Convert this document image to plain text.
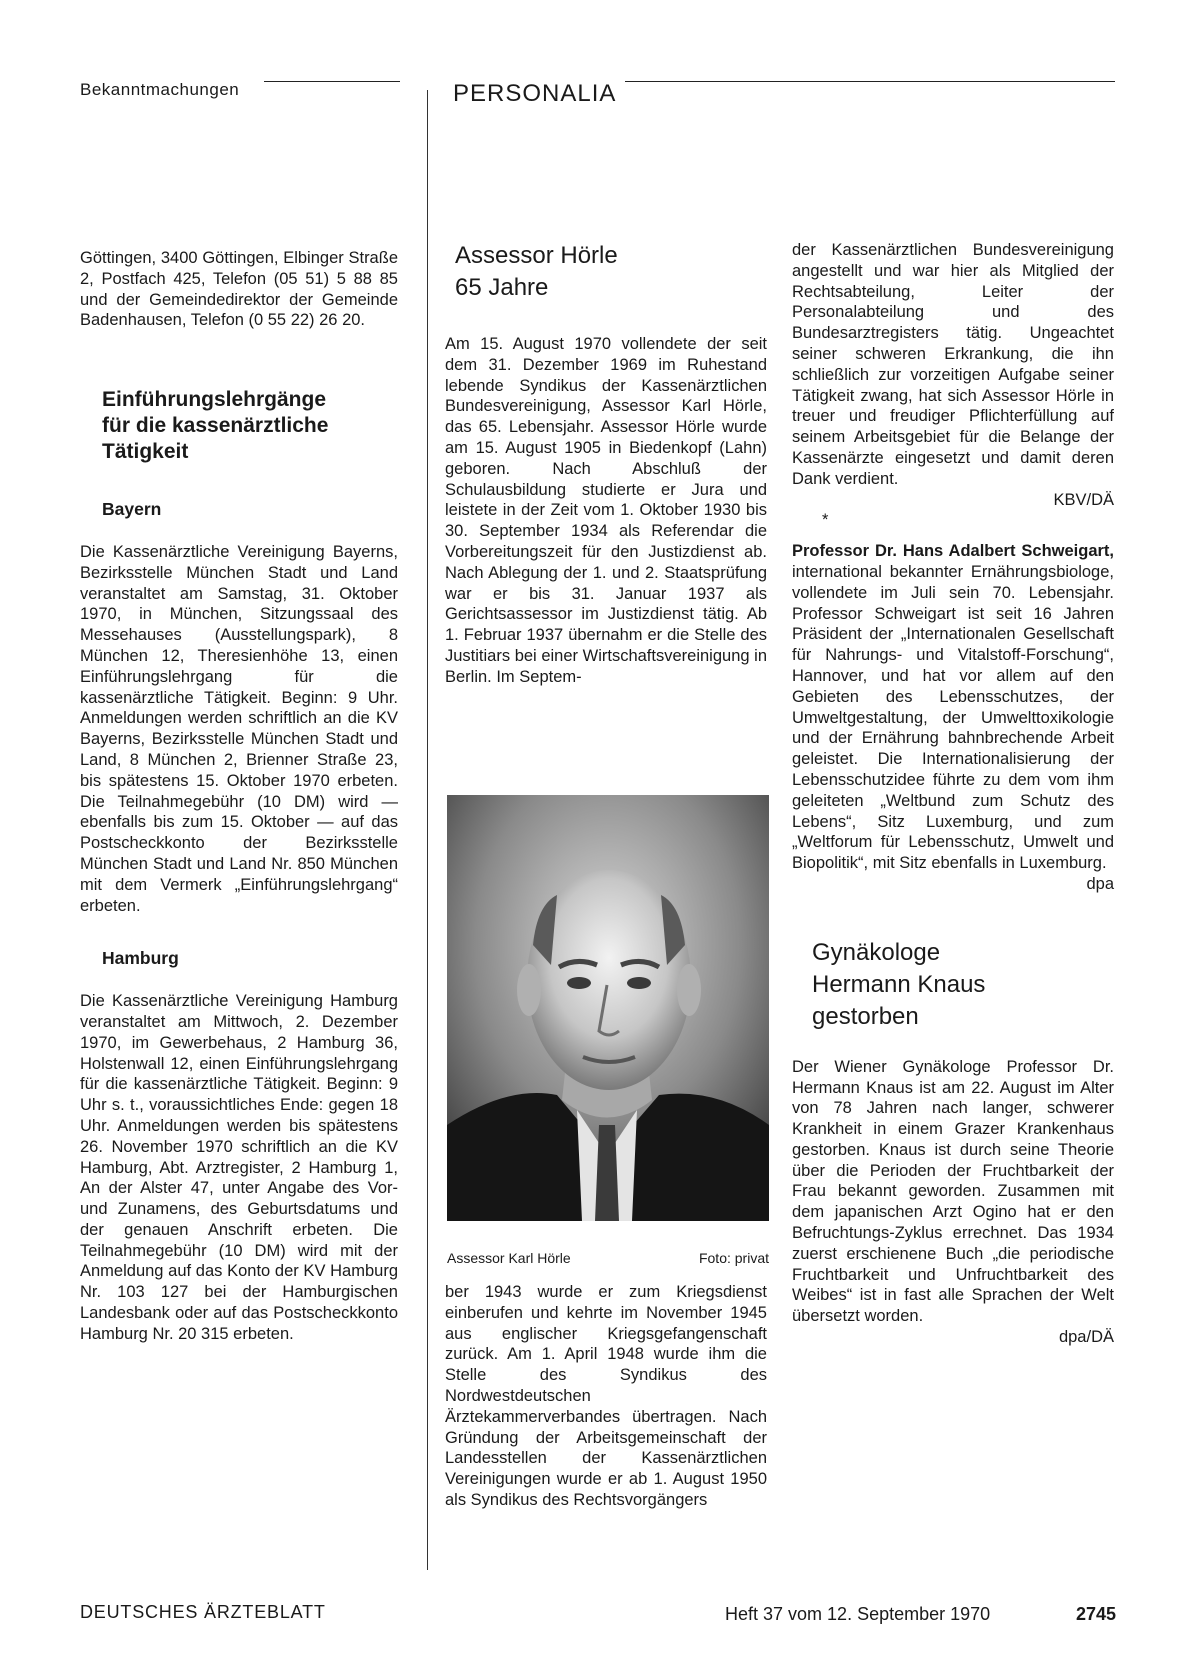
Bekanntmachungen	PERSONALIA

Göttingen, 3400 Göttingen, Elbinger Straße 2, Postfach 425, Telefon (05 51) 5 88 85 und der Gemeindedirektor der Gemeinde Badenhausen, Telefon (0 55 22) 26 20.

Einführungslehrgänge

für die kassenärztliche

Tätigkeit

Bayern

Die Kassenärztliche Vereinigung Bayerns, Bezirksstelle München Stadt und Land veranstaltet am Samstag, 31. Oktober 1970, in München, Sitzungssaal des Messehauses (Ausstellungspark), 8 München 12, Theresienhöhe 13, einen Einführungslehrgang für die kassenärztliche Tätigkeit. Beginn: 9 Uhr. Anmeldungen werden schriftlich an die KV Bayerns, Bezirksstelle München Stadt und Land, 8 München 2, Brienner Straße 23, bis spätestens 15. Oktober 1970 erbeten. Die Teilnahmegebühr (10 DM) wird — ebenfalls bis zum 15. Oktober — auf das Postscheckkonto der Bezirksstelle München Stadt und Land Nr. 850 München mit dem Vermerk „Einführungslehrgang“ erbeten.

Hamburg

Die Kassenärztliche Vereinigung Hamburg veranstaltet am Mittwoch, 2. Dezember 1970, im Gewerbehaus, 2 Hamburg 36, Holstenwall 12, einen Einführungslehrgang für die kassenärztliche Tätigkeit. Beginn: 9 Uhr s. t., voraussichtliches Ende: gegen 18 Uhr. Anmeldungen werden bis spätestens 26. November 1970 schriftlich an die KV Hamburg, Abt. Arztregister, 2 Hamburg 1, An der Alster 47, unter Angabe des Vor- und Zunamens, des Geburtsdatums und der genauen Anschrift erbeten. Die Teilnahmegebühr (10 DM) wird mit der Anmeldung auf das Konto der KV Hamburg Nr. 103 127 bei der Hamburgischen Landesbank oder auf das Postscheckkonto Hamburg Nr. 20 315 erbeten.

Assessor Hörle

65 Jahre

Am 15. August 1970 vollendete der seit dem 31. Dezember 1969 im Ruhestand lebende Syndikus der Kassenärztlichen Bundesvereinigung, Assessor Karl Hörle, das 65. Lebensjahr. Assessor Hörle wurde am 15. August 1905 in Biedenkopf (Lahn) geboren. Nach Abschluß der Schulausbildung studierte er Jura und leistete in der Zeit vom 1. Oktober 1930 bis 30. September 1934 als Referendar die Vorbereitungszeit für den Justizdienst ab. Nach Ablegung der 1. und 2. Staatsprüfung war er bis 31. Januar 1937 als Gerichtsassessor im Justizdienst tätig. Ab 1. Februar 1937 übernahm er die Stelle des Justitiars bei einer Wirtschaftsvereinigung in Berlin. Im Septem-

Assessor Karl Hörle	Foto: privat

ber 1943 wurde er zum Kriegsdienst einberufen und kehrte im November 1945 aus englischer Kriegsgefangenschaft zurück. Am 1. April 1948 wurde ihm die Stelle des Syndikus des Nordwestdeutschen Ärztekammerverbandes übertragen. Nach Gründung der Arbeitsgemeinschaft der Landesstellen der Kassenärztlichen Vereinigungen wurde er ab 1. August 1950 als Syndikus des Rechtsvorgängers

der Kassenärztlichen Bundesvereinigung angestellt und war hier als Mitglied der Rechtsabteilung, Leiter der Personalabteilung und des Bundesarztregisters tätig. Ungeachtet seiner schweren Erkrankung, die ihn schließlich zur vorzeitigen Aufgabe seiner Tätigkeit zwang, hat sich Assessor Hörle in treuer und freudiger Pflichterfüllung auf seinem Arbeitsgebiet für die Belange der Kassenärzte eingesetzt und damit deren Dank verdient.

KBV/DÄ

*

Professor Dr. Hans Adalbert Schweigart, international bekannter Ernährungsbiologe, vollendete im Juli sein 70. Lebensjahr. Professor Schweigart ist seit 16 Jahren Präsident der „Internationalen Gesellschaft für Nahrungs- und Vitalstoff-Forschung“, Hannover, und hat vor allem auf den Gebieten des Lebensschutzes, der Umweltgestaltung, der Umwelttoxikologie und der Ernährung bahnbrechende Arbeit geleistet. Die Internationalisierung der Lebensschutzidee führte zu dem vom ihm geleiteten „Weltbund zum Schutz des Lebens“, Sitz Luxemburg, und zum „Weltforum für Lebensschutz, Umwelt und Biopolitik“, mit Sitz ebenfalls in Luxemburg.

dpa

Gynäkologe

Hermann Knaus

gestorben

Der Wiener Gynäkologe Professor Dr. Hermann Knaus ist am 22. August im Alter von 78 Jahren nach langer, schwerer Krankheit in einem Grazer Krankenhaus gestorben. Knaus ist durch seine Theorie über die Perioden der Fruchtbarkeit der Frau bekannt geworden. Zusammen mit dem japanischen Arzt Ogino hat er den Befruchtungs-Zyklus errechnet. Das 1934 zuerst erschienene Buch „die periodische Fruchtbarkeit und Unfruchtbarkeit des Weibes“ ist in fast alle Sprachen der Welt übersetzt worden.

dpa/DÄ

DEUTSCHES ÄRZTEBLATT	Heft 37 vom 12. September 1970	2745
